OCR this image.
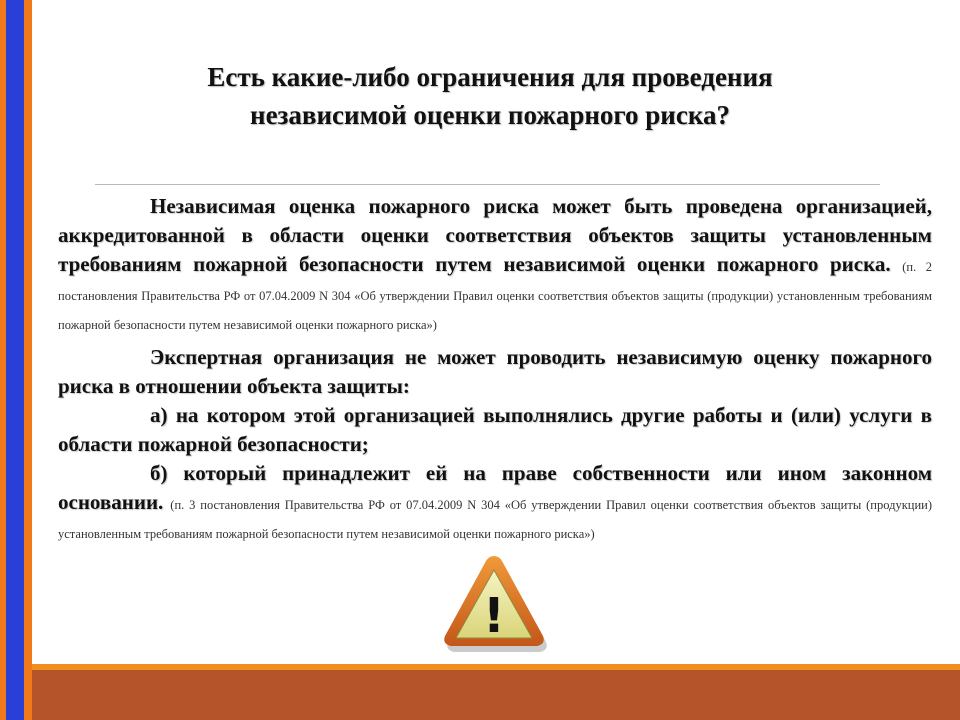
Есть какие-либо ограничения для проведения
независимой оценки пожарного риска?

Независимая оценка пожарного риска может быть проведена организацией, аккредитованной в области оценки соответствия объектов защиты установленным требованиям пожарной безопасности путем независимой оценки пожарного риска. (п. 2 постановления Правительства РФ от 07.04.2009 N 304 «Об утверждении Правил оценки соответствия объектов защиты (продукции) установленным требованиям пожарной безопасности путем независимой оценки пожарного риска»)

Экспертная организация не может проводить независимую оценку пожарного риска в отношении объекта защиты:

а) на котором этой организацией выполнялись другие работы и (или) услуги в области пожарной безопасности;

б) который принадлежит ей на праве собственности или ином законном основании. (п. 3 постановления Правительства РФ от 07.04.2009 N 304 «Об утверждении Правил оценки соответствия объектов защиты (продукции) установленным требованиям пожарной безопасности путем независимой оценки пожарного риска»)

!
